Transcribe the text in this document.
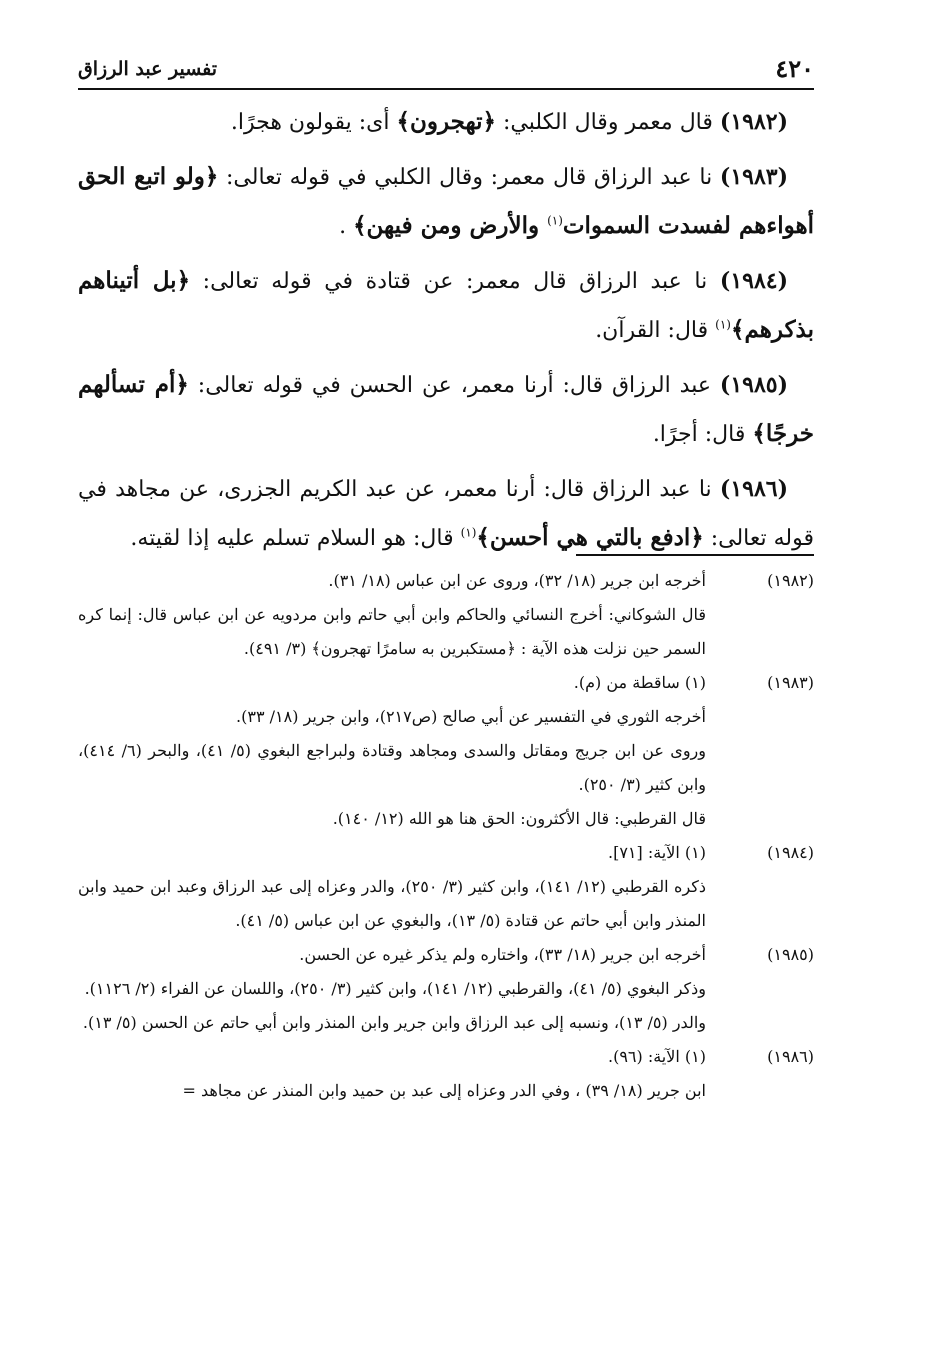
٤٢٠
تفسير عبد الرزاق

(١٩٨٢) قال معمر وقال الكلبي: ﴿تهجرون﴾ أى: يقولون هجرًا.

(١٩٨٣) نا عبد الرزاق قال معمر: وقال الكلبي في قوله تعالى: ﴿ولو اتبع الحق أهواءهم لفسدت السموات$^{(١)}$ والأرض ومن فيهن﴾ .

(١٩٨٤) نا عبد الرزاق قال معمر: عن قتادة في قوله تعالى: ﴿بل أتيناهم بذكرهم﴾$^{(١)}$ قال: القرآن.

(١٩٨٥) عبد الرزاق قال: أرنا معمر، عن الحسن في قوله تعالى: ﴿أم تسألهم خرجًا﴾ قال: أجرًا.

(١٩٨٦) نا عبد الرزاق قال: أرنا معمر، عن عبد الكريم الجزرى، عن مجاهد في قوله تعالى: ﴿ادفع بالتي هي أحسن﴾$^{(١)}$ قال: هو السلام تسلم عليه إذا لقيته.

(١٩٨٢)
أخرجه ابن جرير (١٨/ ٣٢)، وروى عن ابن عباس (١٨/ ٣١).
قال الشوكاني: أخرج النسائي والحاكم وابن أبي حاتم وابن مردويه عن ابن عباس قال: إنما كره السمر حين نزلت هذه الآية : ﴿مستكبرين به سامرًا تهجرون﴾ (٣/ ٤٩١).
(١٩٨٣)
(١) ساقطة من (م).
أخرجه الثوري في التفسير عن أبي صالح (ص٢١٧)، وابن جرير (١٨/ ٣٣).
وروى عن ابن جريج ومقاتل والسدى ومجاهد وقتادة ولبراجع البغوي (٥/ ٤١)، والبحر (٦/ ٤١٤)، وابن كثير (٣/ ٢٥٠).
قال القرطبي: قال الأكثرون: الحق هنا هو الله (١٢/ ١٤٠).
(١٩٨٤)
(١) الآية: [٧١].
ذكره القرطبي (١٢/ ١٤١)، وابن كثير (٣/ ٢٥٠)، والدر وعزاه إلى عبد الرزاق وعبد ابن حميد وابن المنذر وابن أبي حاتم عن قتادة (٥/ ١٣)، والبغوي عن ابن عباس (٥/ ٤١).
(١٩٨٥)
أخرجه ابن جرير (١٨/ ٣٣)، واختاره ولم يذكر غيره عن الحسن.
وذكر البغوي (٥/ ٤١)، والقرطبي (١٢/ ١٤١)، وابن كثير (٣/ ٢٥٠)، واللسان عن الفراء (٢/ ١١٢٦).
والدر (٥/ ١٣)، ونسبه إلى عبد الرزاق وابن جرير وابن المنذر وابن أبي حاتم عن الحسن (٥/ ١٣).
(١٩٨٦)
(١) الآية: (٩٦).
ابن جرير (١٨/ ٣٩) ، وفي الدر وعزاه إلى عبد بن حميد وابن المنذر عن مجاهد =
